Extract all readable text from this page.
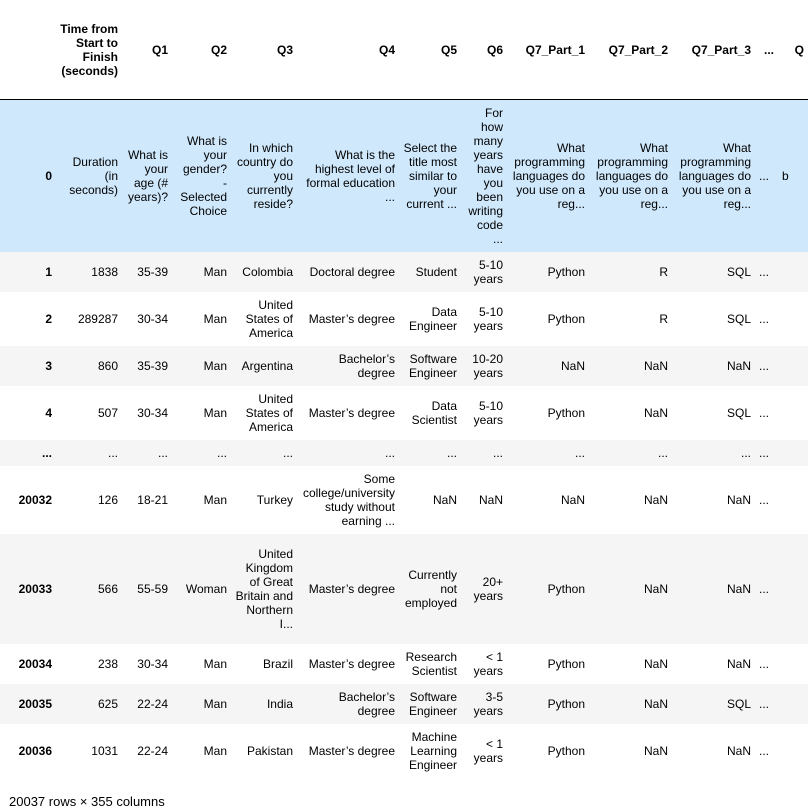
	Time from Start to Finish (seconds)	Q1	Q2	Q3	Q4	Q5	Q6	Q7_Part_1	Q7_Part_2	Q7_Part_3	...	Q
0	Duration (in seconds)	What is your age (# years)?	What is your gender? - Selected Choice	In which country do you currently reside?	What is the highest level of formal education ...	Select the title most similar to your current ...	For how many years have you been writing code ...	What programming languages do you use on a reg...	What programming languages do you use on a reg...	What programming languages do you use on a reg...	...	b
1	1838	35-39	Man	Colombia	Doctoral degree	Student	5-10 years	Python	R	SQL	...	
2	289287	30-34	Man	United States of America	Master’s degree	Data Engineer	5-10 years	Python	R	SQL	...	
3	860	35-39	Man	Argentina	Bachelor’s degree	Software Engineer	10-20 years	NaN	NaN	NaN	...	
4	507	30-34	Man	United States of America	Master’s degree	Data Scientist	5-10 years	Python	NaN	SQL	...	
...	...	...	...	...	...	...	...	...	...	...	...	
20032	126	18-21	Man	Turkey	Some college/university study without earning ...	NaN	NaN	NaN	NaN	NaN	...	
20033	566	55-59	Woman	United Kingdom of Great Britain and Northern I...	Master’s degree	Currently not employed	20+ years	Python	NaN	NaN	...	
20034	238	30-34	Man	Brazil	Master’s degree	Research Scientist	< 1 years	Python	NaN	NaN	...	
20035	625	22-24	Man	India	Bachelor’s degree	Software Engineer	3-5 years	Python	NaN	SQL	...	
20036	1031	22-24	Man	Pakistan	Master’s degree	Machine Learning Engineer	< 1 years	Python	NaN	NaN	...	
20037 rows × 355 columns
